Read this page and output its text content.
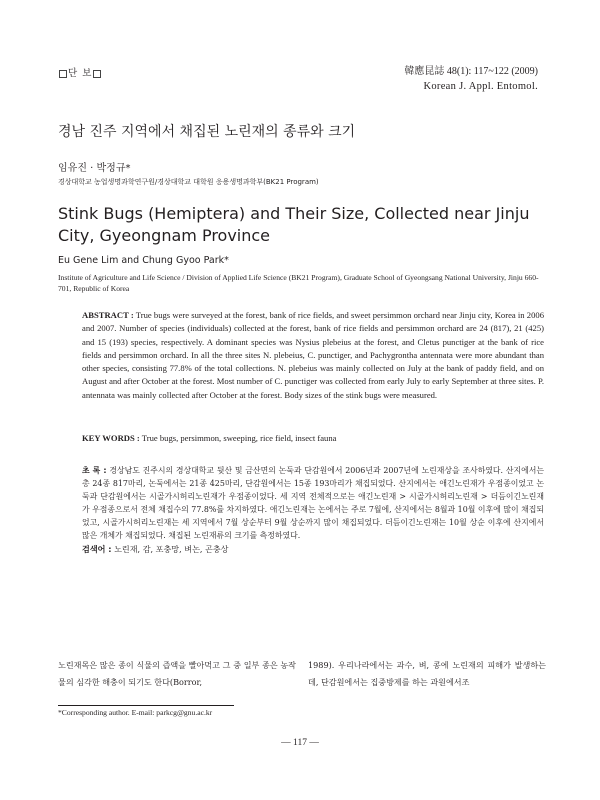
단 보	韓應昆誌 48(1): 117~122 (2009)
Korean J. Appl. Entomol.
경남 진주 지역에서 채집된 노린재의 종류와 크기
임유진 · 박정규*
경상대학교 농업생명과학연구원/경상대학교 대학원 응용생명과학부(BK21 Program)
Stink Bugs (Hemiptera) and Their Size, Collected near Jinju City, Gyeongnam Province
Eu Gene Lim and Chung Gyoo Park*
Institute of Agriculture and Life Science / Division of Applied Life Science (BK21 Program), Graduate School of Gyeongsang National University, Jinju 660-701, Republic of Korea
ABSTRACT : True bugs were surveyed at the forest, bank of rice fields, and sweet persimmon orchard near Jinju city, Korea in 2006 and 2007. Number of species (individuals) collected at the forest, bank of rice fields and persimmon orchard are 24 (817), 21 (425) and 15 (193) species, respectively. A dominant species was Nysius plebeius at the forest, and Cletus punctiger at the bank of rice fields and persimmon orchard. In all the three sites N. plebeius, C. punctiger, and Pachygrontha antennata were more abundant than other species, consisting 77.8% of the total collections. N. plebeius was mainly collected on July at the bank of paddy field, and on August and after October at the forest. Most number of C. punctiger was collected from early July to early September at three sites. P. antennata was mainly collected after October at the forest. Body sizes of the stink bugs were measured.
KEY WORDS : True bugs, persimmon, sweeping, rice field, insect fauna
초 록 : 경상남도 진주시의 경상대학교 뒷산 및 금산면의 논둑과 단감원에서 2006년과 2007년에 노린재상을 조사하였다. 산지에서는 총 24종 817마리, 논둑에서는 21종 425마리, 단감원에서는 15종 193마리가 채집되었다. 산지에서는 애긴노린재가 우점종이었고 논둑과 단감원에서는 시골가시허리노린재가 우점종이었다. 세 지역 전체적으로는 애긴노린재 > 시골가시허리노린재 > 더듬이긴노린재가 우점종으로서 전체 채집수의 77.8%를 차지하였다. 애긴노린재는 논에서는 주로 7월에, 산지에서는 8월과 10월 이후에 많이 채집되었고, 시골가시허리노린재는 세 지역에서 7월 상순부터 9월 상순까지 많이 채집되었다. 더듬이긴노린재는 10월 상순 이후에 산지에서 많은 개체가 채집되었다. 채집된 노린재류의 크기를 측정하였다.
검색어 : 노린재, 감, 포충망, 벼논, 곤충상
노린재목은 많은 종이 식물의 즙액을 빨아먹고 그 중 일부 종은 농작물의 심각한 해충이 되기도 한다(Borror,
1989). 우리나라에서는 과수, 벼, 콩에 노린재의 피해가 발생하는데, 단감원에서는 집중방제를 하는 과원에서조
*Corresponding author. E-mail: parkcg@gnu.ac.kr
— 117 —
